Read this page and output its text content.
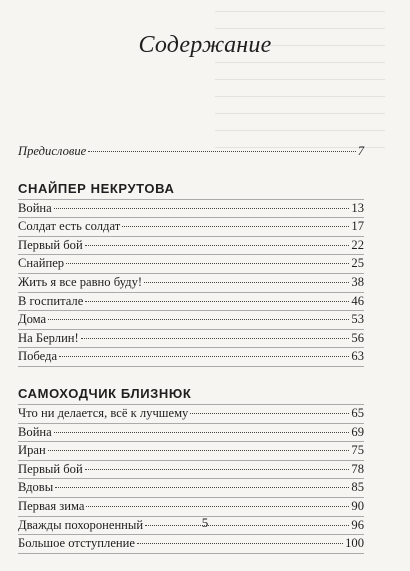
Содержание
Предисловие	7
СНАЙПЕР НЕКРУТОВА
Война	13
Солдат есть солдат	17
Первый бой	22
Снайпер	25
Жить я все равно буду!	38
В госпитале	46
Дома	53
На Берлин!	56
Победа	63
САМОХОДЧИК БЛИЗНЮК
Что ни делается, всё к лучшему	65
Война	69
Иран	75
Первый бой	78
Вдовы	85
Первая зима	90
Дважды похороненный	96
Большое отступление	100
5
